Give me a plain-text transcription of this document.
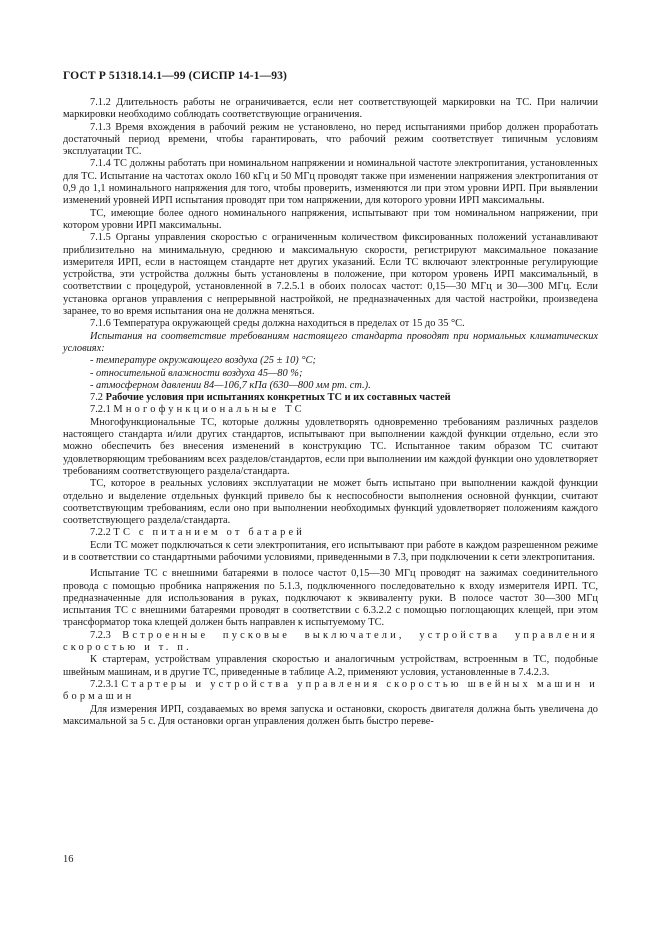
ГОСТ Р 51318.14.1—99 (СИСПР 14-1—93)

7.1.2 Длительность работы не ограничивается, если нет соответствующей маркировки на ТС. При наличии маркировки необходимо соблюдать соответствующие ограничения.

7.1.3 Время вхождения в рабочий режим не установлено, но перед испытаниями прибор должен проработать достаточный период времени, чтобы гарантировать, что рабочий режим соответствует типичным условиям эксплуатации ТС.

7.1.4 ТС должны работать при номинальном напряжении и номинальной частоте электропитания, установленных для ТС. Испытание на частотах около 160 кГц и 50 МГц проводят также при изменении напряжения электропитания от 0,9 до 1,1 номинального напряжения для того, чтобы проверить, изменяются ли при этом уровни ИРП. При выявлении изменений уровней ИРП испытания проводят при том напряжении, для которого уровни ИРП максимальны.

ТС, имеющие более одного номинального напряжения, испытывают при том номинальном напряжении, при котором уровни ИРП максимальны.

7.1.5 Органы управления скоростью с ограниченным количеством фиксированных положений устанавливают приблизительно на минимальную, среднюю и максимальную скорости, регистрируют максимальное показание измерителя ИРП, если в настоящем стандарте нет других указаний. Если ТС включают электронные регулирующие устройства, эти устройства должны быть установлены в положение, при котором уровень ИРП максимальный, в соответствии с процедурой, установленной в 7.2.5.1 в обоих полосах частот: 0,15—30 МГц и 30—300 МГц. Если установка органов управления с непрерывной настройкой, не предназначенных для частой настройки, произведена заранее, то во время испытания она не должна меняться.

7.1.6 Температура окружающей среды должна находиться в пределах от 15 до 35 °С.

Испытания на соответствие требованиям настоящего стандарта проводят при нормальных климатических условиях:

- температуре окружающего воздуха (25 ± 10) °С;

- относительной влажности воздуха 45—80 %;

- атмосферном давлении 84—106,7 кПа (630—800 мм рт. ст.).

7.2 Рабочие условия при испытаниях конкретных ТС и их составных частей

7.2.1 Многофункциональные ТС

Многофункциональные ТС, которые должны удовлетворять одновременно требованиям различных разделов настоящего стандарта и/или других стандартов, испытывают при выполнении каждой функции отдельно, если это можно обеспечить без внесения изменений в конструкцию ТС. Испытанное таким образом ТС считают удовлетворяющим требованиям всех разделов/стандартов, если при выполнении им каждой функции оно удовлетворяет требованиям соответствующего раздела/стандарта.

ТС, которое в реальных условиях эксплуатации не может быть испытано при выполнении каждой функции отдельно и выделение отдельных функций привело бы к неспособности выполнения основной функции, считают соответствующим требованиям, если оно при выполнении необходимых функций удовлетворяет положениям каждого соответствующего раздела/стандарта.

7.2.2 ТС с питанием от батарей

Если ТС может подключаться к сети электропитания, его испытывают при работе в каждом разрешенном режиме и в соответствии со стандартными рабочими условиями, приведенными в 7.3, при подключении к сети электропитания.

Испытание ТС с внешними батареями в полосе частот 0,15—30 МГц проводят на зажимах соединительного провода с помощью пробника напряжения по 5.1.3, подключенного последовательно к входу измерителя ИРП. ТС, предназначенные для использования в руках, подключают к эквиваленту руки. В полосе частот 30—300 МГц испытания ТС с внешними батареями проводят в соответствии с 6.3.2.2 с помощью поглощающих клещей, при этом трансформатор тока клещей должен быть направлен к испытуемому ТС.

7.2.3 Встроенные пусковые выключатели, устройства управления скоростью и т. п.

К стартерам, устройствам управления скоростью и аналогичным устройствам, встроенным в ТС, подобные швейным машинам, и в другие ТС, приведенные в таблице А.2, применяют условия, установленные в 7.4.2.3.

7.2.3.1 Стартеры и устройства управления скоростью швейных машин и бормашин

Для измерения ИРП, создаваемых во время запуска и остановки, скорость двигателя должна быть увеличена до максимальной за 5 с. Для остановки орган управления должен быть быстро переве-

16
